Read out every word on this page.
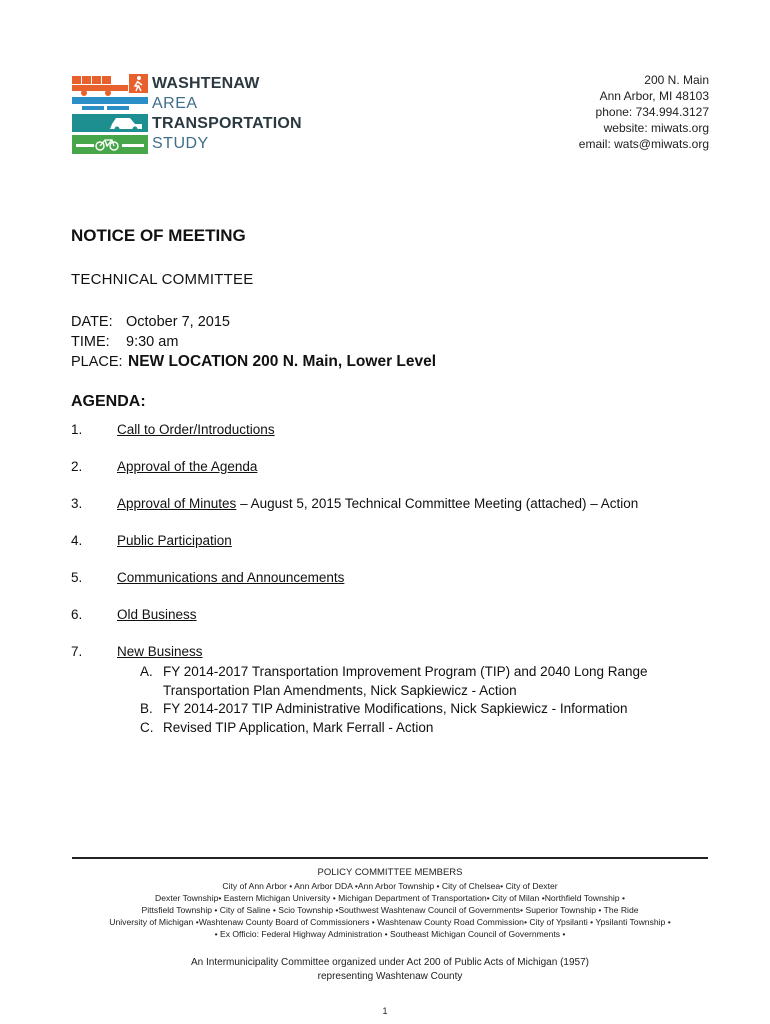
WASHTENAW
AREA
TRANSPORTATION
STUDY
200 N. Main
Ann Arbor, MI 48103
phone: 734.994.3127
website: miwats.org
email: wats@miwats.org
NOTICE OF MEETING
TECHNICAL COMMITTEE
DATE: October 7, 2015
TIME: 9:30 am
PLACE: NEW LOCATION 200 N. Main, Lower Level
AGENDA:
1.	Call to Order/Introductions
2.	Approval of the Agenda
3.	Approval of Minutes – August 5, 2015 Technical Committee Meeting (attached) – Action
4.	Public Participation
5.	Communications and Announcements
6.	Old Business
7.	New Business
A. FY 2014-2017 Transportation Improvement Program (TIP) and 2040 Long Range Transportation Plan Amendments, Nick Sapkiewicz - Action
B. FY 2014-2017 TIP Administrative Modifications, Nick Sapkiewicz - Information
C. Revised TIP Application, Mark Ferrall - Action
POLICY COMMITTEE MEMBERS
City of Ann Arbor • Ann Arbor DDA •Ann Arbor Township • City of Chelsea• City of Dexter
Dexter Township• Eastern Michigan University • Michigan Department of Transportation• City of Milan •Northfield Township •
Pittsfield Township • City of Saline • Scio Township •Southwest Washtenaw Council of Governments• Superior Township • The Ride
University of Michigan •Washtenaw County Board of Commissioners • Washtenaw County Road Commission• City of Ypsilanti • Ypsilanti Township •
• Ex Officio: Federal Highway Administration • Southeast Michigan Council of Governments •
An Intermunicipality Committee organized under Act 200 of Public Acts of Michigan (1957)
representing Washtenaw County
1
